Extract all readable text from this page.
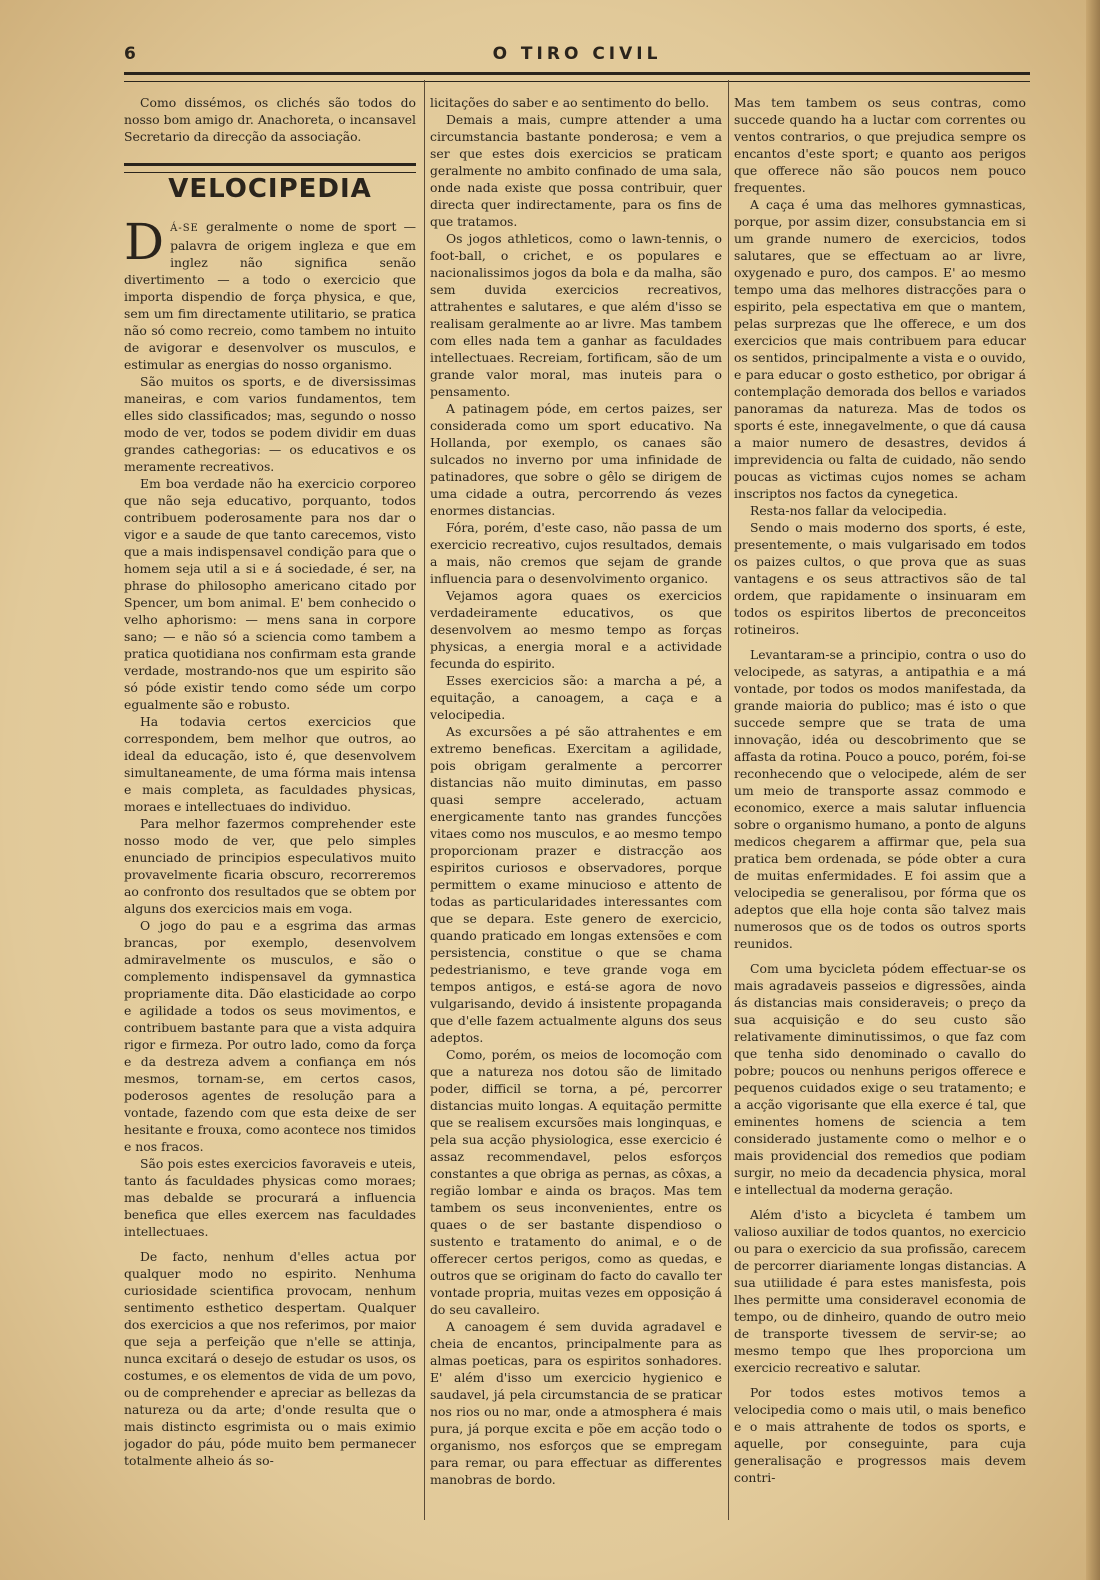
O TIRO CIVIL
6

Como dissémos, os clichés são todos do nosso bom amigo dr. Anachoreta, o incansavel Secretario da direcção da associação.

VELOCIPEDIA

D Á-SE geralmente o nome de sport — palavra de origem ingleza e que em inglez não significa senão divertimento — a todo o exercicio que importa dispendio de força physica, e que, sem um fim directamente utilitario, se pratica não só como recreio, como tambem no intuito de avigorar e desenvolver os musculos, e estimular as energias do nosso organismo.

São muitos os sports, e de diversissimas maneiras, e com varios fundamentos, tem elles sido classificados; mas, segundo o nosso modo de ver, todos se podem dividir em duas grandes cathegorias: — os educativos e os meramente recreativos.

Em boa verdade não ha exercicio corporeo que não seja educativo, porquanto, todos contribuem poderosamente para nos dar o vigor e a saude de que tanto carecemos, visto que a mais indispensavel condição para que o homem seja util a si e á sociedade, é ser, na phrase do philosopho americano citado por Spencer, um bom animal. E' bem conhecido o velho aphorismo: — mens sana in corpore sano; — e não só a sciencia como tambem a pratica quotidiana nos confirmam esta grande verdade, mostrando-nos que um espirito são só póde existir tendo como séde um corpo egualmente são e robusto.

Ha todavia certos exercicios que correspondem, bem melhor que outros, ao ideal da educação, isto é, que desenvolvem simultaneamente, de uma fórma mais intensa e mais completa, as faculdades physicas, moraes e intellectuaes do individuo.

Para melhor fazermos comprehender este nosso modo de ver, que pelo simples enunciado de principios especulativos muito provavelmente ficaria obscuro, recorreremos ao confronto dos resultados que se obtem por alguns dos exercicios mais em voga.

O jogo do pau e a esgrima das armas brancas, por exemplo, desenvolvem admiravelmente os musculos, e são o complemento indispensavel da gymnastica propriamente dita. Dão elasticidade ao corpo e agilidade a todos os seus movimentos, e contribuem bastante para que a vista adquira rigor e firmeza. Por outro lado, como da força e da destreza advem a confiança em nós mesmos, tornam-se, em certos casos, poderosos agentes de resolução para a vontade, fazendo com que esta deixe de ser hesitante e frouxa, como acontece nos timidos e nos fracos.

São pois estes exercicios favoraveis e uteis, tanto ás faculdades physicas como moraes; mas debalde se procurará a influencia benefica que elles exercem nas faculdades intellectuaes.

De facto, nenhum d'elles actua por qualquer modo no espirito. Nenhuma curiosidade scientifica provocam, nenhum sentimento esthetico despertam. Qualquer dos exercicios a que nos referimos, por maior que seja a perfeição que n'elle se attinja, nunca excitará o desejo de estudar os usos, os costumes, e os elementos de vida de um povo, ou de comprehender e apreciar as bellezas da natureza ou da arte; d'onde resulta que o mais distincto esgrimista ou o mais eximio jogador do páu, póde muito bem permanecer totalmente alheio ás so-

licitações do saber e ao sentimento do bello.

Demais a mais, cumpre attender a uma circumstancia bastante ponderosa; e vem a ser que estes dois exercicios se praticam geralmente no ambito confinado de uma sala, onde nada existe que possa contribuir, quer directa quer indirectamente, para os fins de que tratamos.

Os jogos athleticos, como o lawn-tennis, o foot-ball, o crichet, e os populares e nacionalissimos jogos da bola e da malha, são sem duvida exercicios recreativos, attrahentes e salutares, e que além d'isso se realisam geralmente ao ar livre. Mas tambem com elles nada tem a ganhar as faculdades intellectuaes. Recreiam, fortificam, são de um grande valor moral, mas inuteis para o pensamento.

A patinagem póde, em certos paizes, ser considerada como um sport educativo. Na Hollanda, por exemplo, os canaes são sulcados no inverno por uma infinidade de patinadores, que sobre o gêlo se dirigem de uma cidade a outra, percorrendo ás vezes enormes distancias.

Fóra, porém, d'este caso, não passa de um exercicio recreativo, cujos resultados, demais a mais, não cremos que sejam de grande influencia para o desenvolvimento organico.

Vejamos agora quaes os exercicios verdadeiramente educativos, os que desenvolvem ao mesmo tempo as forças physicas, a energia moral e a actividade fecunda do espirito.

Esses exercicios são: a marcha a pé, a equitação, a canoagem, a caça e a velocipedia.

As excursões a pé são attrahentes e em extremo beneficas. Exercitam a agilidade, pois obrigam geralmente a percorrer distancias não muito diminutas, em passo quasi sempre accelerado, actuam energicamente tanto nas grandes funcções vitaes como nos musculos, e ao mesmo tempo proporcionam prazer e distracção aos espiritos curiosos e observadores, porque permittem o exame minucioso e attento de todas as particularidades interessantes com que se depara. Este genero de exercicio, quando praticado em longas extensões e com persistencia, constitue o que se chama pedestrianismo, e teve grande voga em tempos antigos, e está-se agora de novo vulgarisando, devido á insistente propaganda que d'elle fazem actualmente alguns dos seus adeptos.

Como, porém, os meios de locomoção com que a natureza nos dotou são de limitado poder, difficil se torna, a pé, percorrer distancias muito longas. A equitação permitte que se realisem excursões mais longinquas, e pela sua acção physiologica, esse exercicio é assaz recommendavel, pelos esforços constantes a que obriga as pernas, as côxas, a região lombar e ainda os braços. Mas tem tambem os seus inconvenientes, entre os quaes o de ser bastante dispendioso o sustento e tratamento do animal, e o de offerecer certos perigos, como as quedas, e outros que se originam do facto do cavallo ter vontade propria, muitas vezes em opposição á do seu cavalleiro.

A canoagem é sem duvida agradavel e cheia de encantos, principalmente para as almas poeticas, para os espiritos sonhadores. E' além d'isso um exercicio hygienico e saudavel, já pela circumstancia de se praticar nos rios ou no mar, onde a atmosphera é mais pura, já porque excita e põe em acção todo o organismo, nos esforços que se empregam para remar, ou para effectuar as differentes manobras de bordo.

Mas tem tambem os seus contras, como succede quando ha a luctar com correntes ou ventos contrarios, o que prejudica sempre os encantos d'este sport; e quanto aos perigos que offerece não são poucos nem pouco frequentes.

A caça é uma das melhores gymnasticas, porque, por assim dizer, consubstancia em si um grande numero de exercicios, todos salutares, que se effectuam ao ar livre, oxygenado e puro, dos campos. E' ao mesmo tempo uma das melhores distracções para o espirito, pela espectativa em que o mantem, pelas surprezas que lhe offerece, e um dos exercicios que mais contribuem para educar os sentidos, principalmente a vista e o ouvido, e para educar o gosto esthetico, por obrigar á contemplação demorada dos bellos e variados panoramas da natureza. Mas de todos os sports é este, innegavelmente, o que dá causa a maior numero de desastres, devidos á imprevidencia ou falta de cuidado, não sendo poucas as victimas cujos nomes se acham inscriptos nos factos da cynegetica.

Resta-nos fallar da velocipedia.

Sendo o mais moderno dos sports, é este, presentemente, o mais vulgarisado em todos os paizes cultos, o que prova que as suas vantagens e os seus attractivos são de tal ordem, que rapidamente o insinuaram em todos os espiritos libertos de preconceitos rotineiros.

Levantaram-se a principio, contra o uso do velocipede, as satyras, a antipathia e a má vontade, por todos os modos manifestada, da grande maioria do publico; mas é isto o que succede sempre que se trata de uma innovação, idéa ou descobrimento que se affasta da rotina. Pouco a pouco, porém, foi-se reconhecendo que o velocipede, além de ser um meio de transporte assaz commodo e economico, exerce a mais salutar influencia sobre o organismo humano, a ponto de alguns medicos chegarem a affirmar que, pela sua pratica bem ordenada, se póde obter a cura de muitas enfermidades. E foi assim que a velocipedia se generalisou, por fórma que os adeptos que ella hoje conta são talvez mais numerosos que os de todos os outros sports reunidos.

Com uma bycicleta pódem effectuar-se os mais agradaveis passeios e digressões, ainda ás distancias mais consideraveis; o preço da sua acquisição e do seu custo são relativamente diminutissimos, o que faz com que tenha sido denominado o cavallo do pobre; poucos ou nenhuns perigos offerece e pequenos cuidados exige o seu tratamento; e a acção vigorisante que ella exerce é tal, que eminentes homens de sciencia a tem considerado justamente como o melhor e o mais providencial dos remedios que podiam surgir, no meio da decadencia physica, moral e intellectual da moderna geração.

Além d'isto a bicycleta é tambem um valioso auxiliar de todos quantos, no exercicio ou para o exercicio da sua profissão, carecem de percorrer diariamente longas distancias. A sua utiilidade é para estes manisfesta, pois lhes permitte uma consideravel economia de tempo, ou de dinheiro, quando de outro meio de transporte tivessem de servir-se; ao mesmo tempo que lhes proporciona um exercicio recreativo e salutar.

Por todos estes motivos temos a velocipedia como o mais util, o mais benefico e o mais attrahente de todos os sports, e aquelle, por conseguinte, para cuja generalisação e progressos mais devem contri-
